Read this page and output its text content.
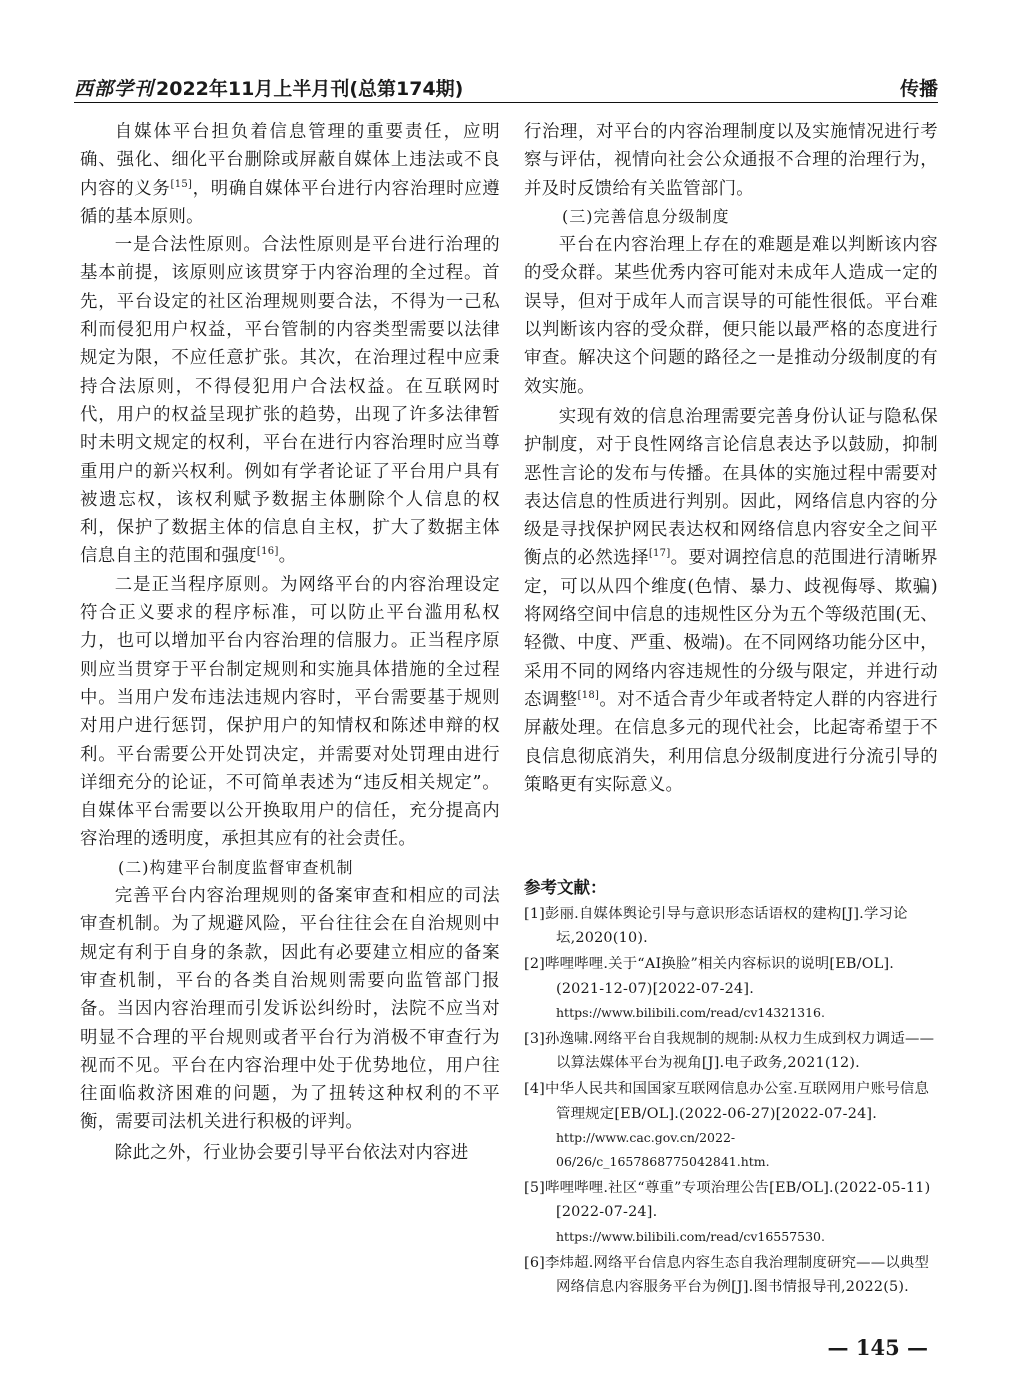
西部学刊 2022年11月上半月刊(总第174期)	传播

自媒体平台担负着信息管理的重要责任，应明确、强化、细化平台删除或屏蔽自媒体上违法或不良内容的义务[15]，明确自媒体平台进行内容治理时应遵循的基本原则。

一是合法性原则。合法性原则是平台进行治理的基本前提，该原则应该贯穿于内容治理的全过程。首先，平台设定的社区治理规则要合法，不得为一己私利而侵犯用户权益，平台管制的内容类型需要以法律规定为限，不应任意扩张。其次，在治理过程中应秉持合法原则，不得侵犯用户合法权益。在互联网时代，用户的权益呈现扩张的趋势，出现了许多法律暂时未明文规定的权利，平台在进行内容治理时应当尊重用户的新兴权利。例如有学者论证了平台用户具有被遗忘权，该权利赋予数据主体删除个人信息的权利，保护了数据主体的信息自主权，扩大了数据主体信息自主的范围和强度[16]。

二是正当程序原则。为网络平台的内容治理设定符合正义要求的程序标准，可以防止平台滥用私权力，也可以增加平台内容治理的信服力。正当程序原则应当贯穿于平台制定规则和实施具体措施的全过程中。当用户发布违法违规内容时，平台需要基于规则对用户进行惩罚，保护用户的知情权和陈述申辩的权利。平台需要公开处罚决定，并需要对处罚理由进行详细充分的论证，不可简单表述为“违反相关规定”。自媒体平台需要以公开换取用户的信任，充分提高内容治理的透明度，承担其应有的社会责任。

(二)构建平台制度监督审查机制

完善平台内容治理规则的备案审查和相应的司法审查机制。为了规避风险，平台往往会在自治规则中规定有利于自身的条款，因此有必要建立相应的备案审查机制，平台的各类自治规则需要向监管部门报备。当因内容治理而引发诉讼纠纷时，法院不应当对明显不合理的平台规则或者平台行为消极不审查行为视而不见。平台在内容治理中处于优势地位，用户往往面临救济困难的问题，为了扭转这种权利的不平衡，需要司法机关进行积极的评判。

除此之外，行业协会要引导平台依法对内容进

行治理，对平台的内容治理制度以及实施情况进行考察与评估，视情向社会公众通报不合理的治理行为，并及时反馈给有关监管部门。

(三)完善信息分级制度

平台在内容治理上存在的难题是难以判断该内容的受众群。某些优秀内容可能对未成年人造成一定的误导，但对于成年人而言误导的可能性很低。平台难以判断该内容的受众群，便只能以最严格的态度进行审查。解决这个问题的路径之一是推动分级制度的有效实施。

实现有效的信息治理需要完善身份认证与隐私保护制度，对于良性网络言论信息表达予以鼓励，抑制恶性言论的发布与传播。在具体的实施过程中需要对表达信息的性质进行判别。因此，网络信息内容的分级是寻找保护网民表达权和网络信息内容安全之间平衡点的必然选择[17]。要对调控信息的范围进行清晰界定，可以从四个维度(色情、暴力、歧视侮辱、欺骗)将网络空间中信息的违规性区分为五个等级范围(无、轻微、中度、严重、极端)。在不同网络功能分区中，采用不同的网络内容违规性的分级与限定，并进行动态调整[18]。对不适合青少年或者特定人群的内容进行屏蔽处理。在信息多元的现代社会，比起寄希望于不良信息彻底消失，利用信息分级制度进行分流引导的策略更有实际意义。

参考文献：
[1]彭丽.自媒体舆论引导与意识形态话语权的建构[J].学习论坛,2020(10).
[2]哔哩哔哩.关于“AI换脸”相关内容标识的说明[EB/OL].(2021-12-07)[2022-07-24].
https://www.bilibili.com/read/cv14321316.
[3]孙逸啸.网络平台自我规制的规制:从权力生成到权力调适——以算法媒体平台为视角[J].电子政务,2021(12).
[4]中华人民共和国国家互联网信息办公室.互联网用户账号信息管理规定[EB/OL].(2022-06-27)[2022-07-24].
http://www.cac.gov.cn/2022-06/26/c_1657868775042841.htm.
[5]哔哩哔哩.社区“尊重”专项治理公告[EB/OL].(2022-05-11)[2022-07-24].
https://www.bilibili.com/read/cv16557530.
[6]李炜超.网络平台信息内容生态自我治理制度研究——以典型网络信息内容服务平台为例[J].图书情报导刊,2022(5).
— 145 —
